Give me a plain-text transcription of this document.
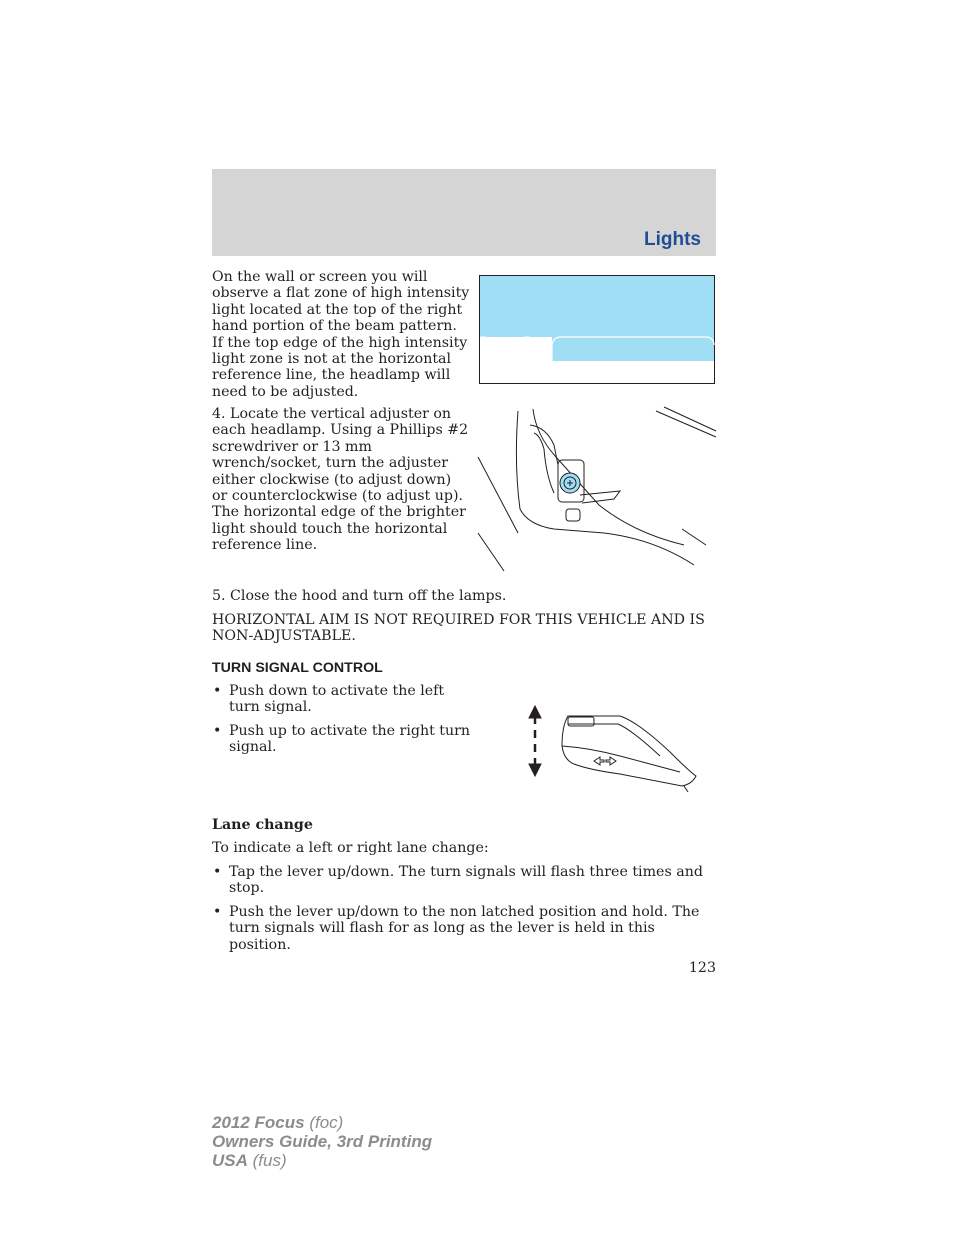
Lights

On the wall or screen you will observe a flat zone of high intensity light located at the top of the right hand portion of the beam pattern. If the top edge of the high intensity light zone is not at the horizontal reference line, the headlamp will need to be adjusted.

4. Locate the vertical adjuster on each headlamp. Using a Phillips #2 screwdriver or 13 mm wrench/socket, turn the adjuster either clockwise (to adjust down) or counterclockwise (to adjust up). The horizontal edge of the brighter light should touch the horizontal reference line.

5. Close the hood and turn off the lamps.

HORIZONTAL AIM IS NOT REQUIRED FOR THIS VEHICLE AND IS NON-ADJUSTABLE.

TURN SIGNAL CONTROL
• Push down to activate the left turn signal.
• Push up to activate the right turn signal.
Lane change

To indicate a left or right lane change:

• Tap the lever up/down. The turn signals will flash three times and stop.
• Push the lever up/down to the non latched position and hold. The turn signals will flash for as long as the lever is held in this position.
123
2012 Focus (foc)
Owners Guide, 3rd Printing
USA (fus)
